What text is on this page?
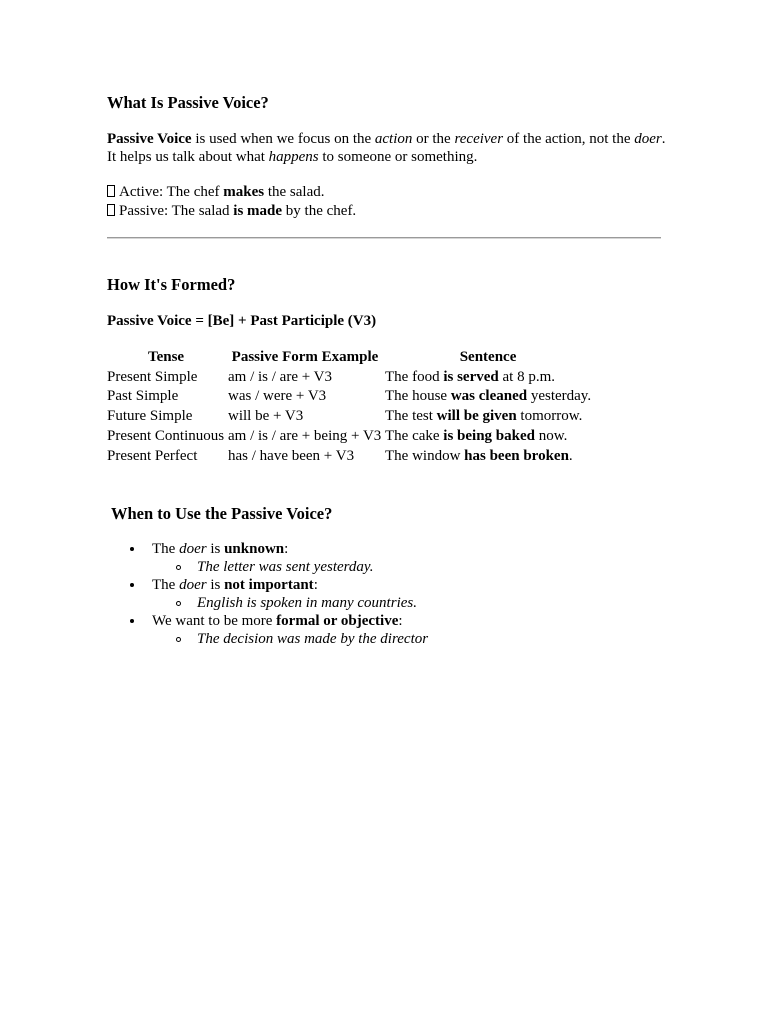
What Is Passive Voice?

Passive Voice is used when we focus on the action or the receiver of the action, not the doer. It helps us talk about what happens to someone or something.

Active: The chef makes the salad.
Passive: The salad is made by the chef.
How It's Formed?
Passive Voice = [Be] + Past Participle (V3)
Tense	Passive Form Example	Sentence
Present Simple	am / is / are + V3	The food is served at 8 p.m.
Past Simple	was / were + V3	The house was cleaned yesterday.
Future Simple	will be + V3	The test will be given tomorrow.
Present Continuous	am / is / are + being + V3	The cake is being baked now.
Present Perfect	has / have been + V3	The window has been broken.
When to Use the Passive Voice?
The doer is unknown:
The letter was sent yesterday.
The doer is not important:
English is spoken in many countries.
We want to be more formal or objective:
The decision was made by the director
